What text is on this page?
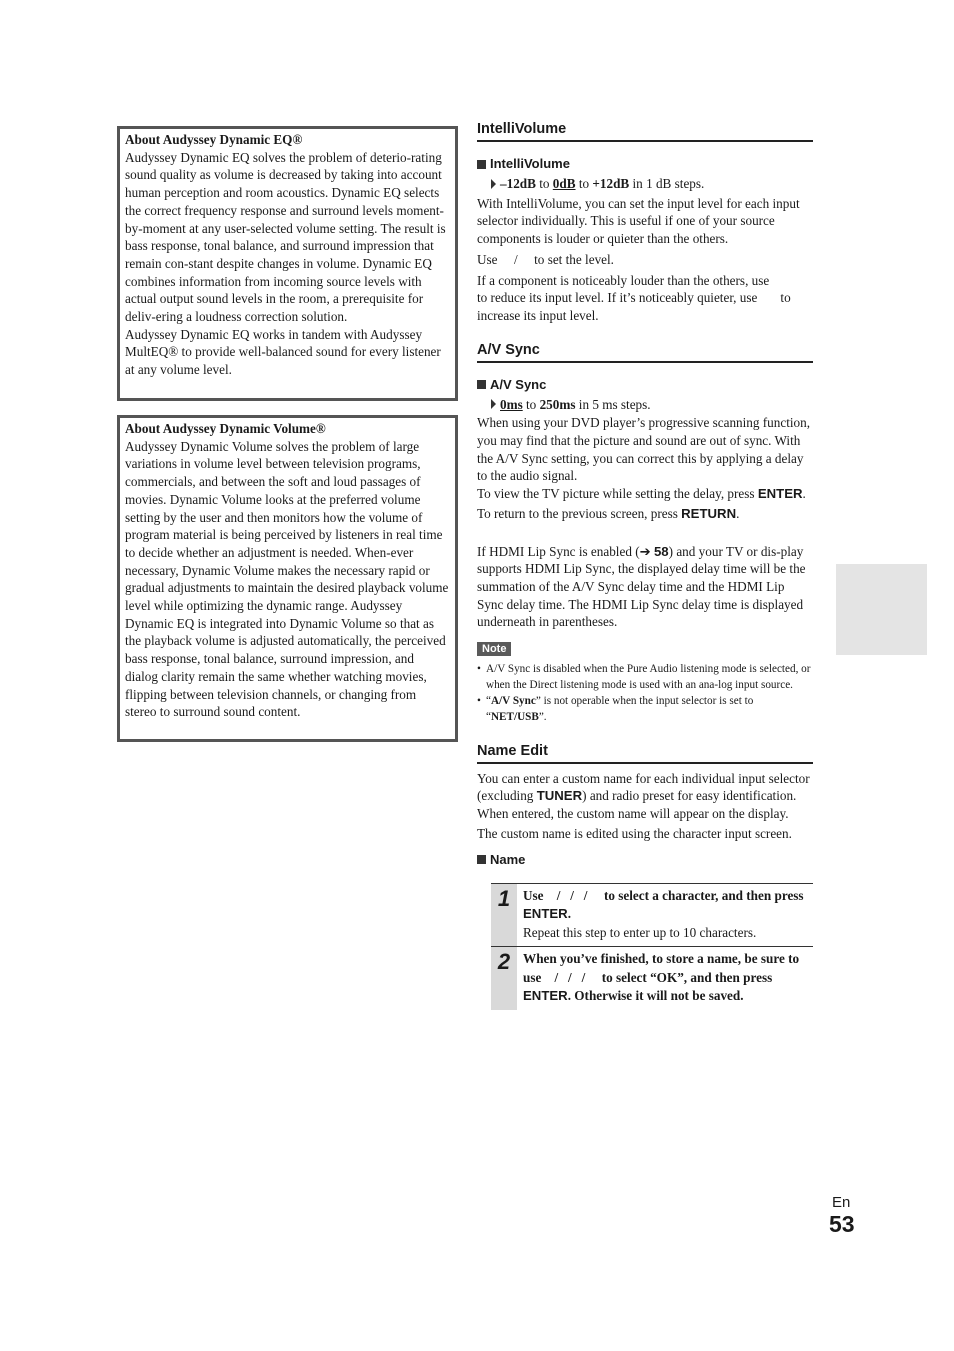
About Audyssey Dynamic EQ®

Audyssey Dynamic EQ solves the problem of deterio-rating sound quality as volume is decreased by taking into account human perception and room acoustics. Dynamic EQ selects the correct frequency response and surround levels moment-by-moment at any user-selected volume setting. The result is bass response, tonal balance, and surround impression that remain con-stant despite changes in volume. Dynamic EQ combines information from incoming source levels with actual output sound levels in the room, a prerequisite for deliv-ering a loudness correction solution.

Audyssey Dynamic EQ works in tandem with Audyssey MultEQ® to provide well-balanced sound for every listener at any volume level.

About Audyssey Dynamic Volume®

Audyssey Dynamic Volume solves the problem of large variations in volume level between television programs, commercials, and between the soft and loud passages of movies. Dynamic Volume looks at the preferred volume setting by the user and then monitors how the volume of program material is being perceived by listeners in real time to decide whether an adjustment is needed. When-ever necessary, Dynamic Volume makes the necessary rapid or gradual adjustments to maintain the desired playback volume level while optimizing the dynamic range. Audyssey Dynamic EQ is integrated into Dynamic Volume so that as the playback volume is adjusted automatically, the perceived bass response, tonal balance, surround impression, and dialog clarity remain the same whether watching movies, flipping between television channels, or changing from stereo to surround sound content.

IntelliVolume
IntelliVolume
–12dB
to
0dB
to
+12dB
in 1 dB steps.

With IntelliVolume, you can set the input level for each input selector individually. This is useful if one of your source components is louder or quieter than the others.

Use     /     to set the level.

If a component is noticeably louder than the others, use
to reduce its input level. If it’s noticeably quieter, use       to increase its input level.

A/V Sync
A/V Sync
0ms
to
250ms
in 5 ms steps.

When using your DVD player’s progressive scanning function, you may find that the picture and sound are out of sync. With the A/V Sync setting, you can correct this by applying a delay to the audio signal.

To view the TV picture while setting the delay, press ENTER.

To return to the previous screen, press RETURN.

If HDMI Lip Sync is enabled (➔ 58) and your TV or dis-play supports HDMI Lip Sync, the displayed delay time will be the summation of the A/V Sync delay time and the HDMI Lip Sync delay time. The HDMI Lip Sync delay time is displayed underneath in parentheses.

Note
• A/V Sync is disabled when the Pure Audio listening mode is selected, or when the Direct listening mode is used with an ana-log input source.
• “A/V Sync” is not operable when the input selector is set to “NET/USB”.
Name Edit

You can enter a custom name for each individual input selector (excluding TUNER) and radio preset for easy identification. When entered, the custom name will appear on the display.

The custom name is edited using the character input screen.

Name
1 Use    /   /   /     to select a character, and then press ENTER.
Repeat this step to enter up to 10 characters.
2 When you’ve finished, to store a name, be sure to use    /   /   /     to select “OK”, and then press ENTER. Otherwise it will not be saved.
En
53
